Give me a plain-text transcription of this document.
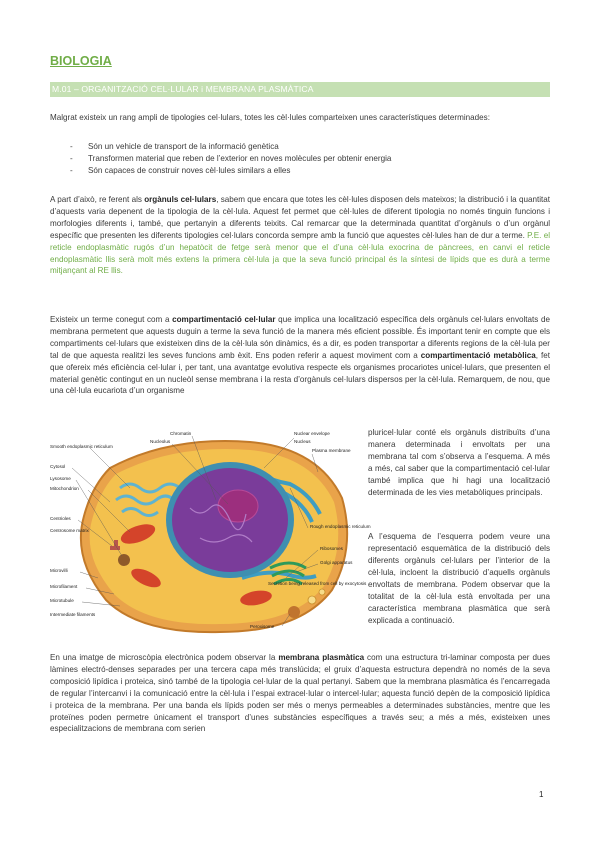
BIOLOGIA
M.01 – ORGANITZACIÓ CEL·LULAR i MEMBRANA PLASMÀTICA

Malgrat existeix un rang ampli de tipologies cel·lulars, totes les cèl·lules comparteixen unes característiques determinades:

- Són un vehicle de transport de la informació genètica
- Transformen material que reben de l’exterior en noves molècules per obtenir energia
- Són capaces de construir noves cèl·lules similars a elles

A part d’això, re ferent als orgànuls cel·lulars, sabem que encara que totes les cèl·lules disposen dels mateixos; la distribució i la quantitat d’aquests varia depenent de la tipologia de la cèl·lula. Aquest fet permet que cèl·lules de diferent tipologia no només tinguin funcions i morfologies diferents i, també, que pertanyin a diferents teixits. Cal remarcar que la determinada quantitat d’orgànuls o d’un orgànul específic que presenten les diferents tipologies cel·lulars concorda sempre amb la funció que aquestes cèl·lules han de dur a terme. P.E. el reticle endoplasmàtic rugós d’un hepatòcit de fetge serà menor que el d’una cèl·lula exocrina de pàncrees, en canvi el reticle endoplasmàtic llis serà molt més extens la primera cèl·lula ja que la seva funció principal és la síntesi de lípids que es durà a terme mitjançant al RE llis.

Existeix un terme conegut com a compartimentació cel·lular que implica una localització específica dels orgànuls cel·lulars envoltats de membrana permetent que aquests duguin a terme la seva funció de la manera més eficient possible. És important tenir en compte que els compartiments cel·lulars que existeixen dins de la cèl·lula són dinàmics, és a dir, es poden transportar a diferents regions de la cèl·lula per tal de que aquesta realitzi les seves funcions amb èxit. Ens poden referir a aquest moviment com a compartimentació metabòlica, fet que ofereix més eficiència cel·lular i, per tant, una avantatge evolutiva respecte els organismes procariotes unicel·lulars, que presenten el material genètic contingut en un nucleòl sense membrana i la resta d’orgànuls cel·lulars dispersos per la cèl·lula. Remarquem, de nou, que una cèl·lula eucariota d’un organisme

pluricel·lular conté els orgànuls distribuïts d’una manera determinada i envoltats per una membrana tal com s’observa a l’esquema. A més a més, cal saber que la compartimentació cel·lular també implica que hi hagi una localització determinada de les vies metabòliques principals.

A l’esquema de l’esquerra podem veure una representació esquemàtica de la distribució dels diferents orgànuls cel·lulars per l’interior de la cèl·lula, incloent la distribució d’aquells orgànuls envoltats de membrana. Podem observar que la totalitat de la cèl·lula està envoltada per una característica membrana plasmàtica que serà explicada a continuació.

Chromatin
Nucleolus
Nuclear envelope
Nucleus
Plasma membrane
Smooth endoplasmic reticulum
Cytosol
Lysosome
Mitochondrion
Centrioles
Centrosome matrix
Microvilli
Microfilament
Microtubule
Intermediate filaments
Rough endoplasmic reticulum
Ribosomes
Golgi apparatus
Secretion being released from cell by exocytosis
Peroxisome

En una imatge de microscòpia electrònica podem observar la membrana plasmàtica com una estructura tri-laminar composta per dues làmines electró-denses separades per una tercera capa més translúcida; el gruix d’aquesta estructura dependrà no només de la seva composició lipídica i proteica, sinó també de la tipologia cel·lular de la qual pertanyi. Sabem que la membrana plasmàtica és l’encarregada de regular l’intercanvi i la comunicació entre la cèl·lula i l’espai extracel·lular o intercel·lular; aquesta funció depèn de la composició lipídica i proteica de la membrana. Per una banda els lípids poden ser més o menys permeables a determinades substàncies, mentre que les proteïnes poden permetre únicament el transport d’unes substàncies específiques a través seu; a més a més, existeixen unes especialitzacions de membrana com serien

1
